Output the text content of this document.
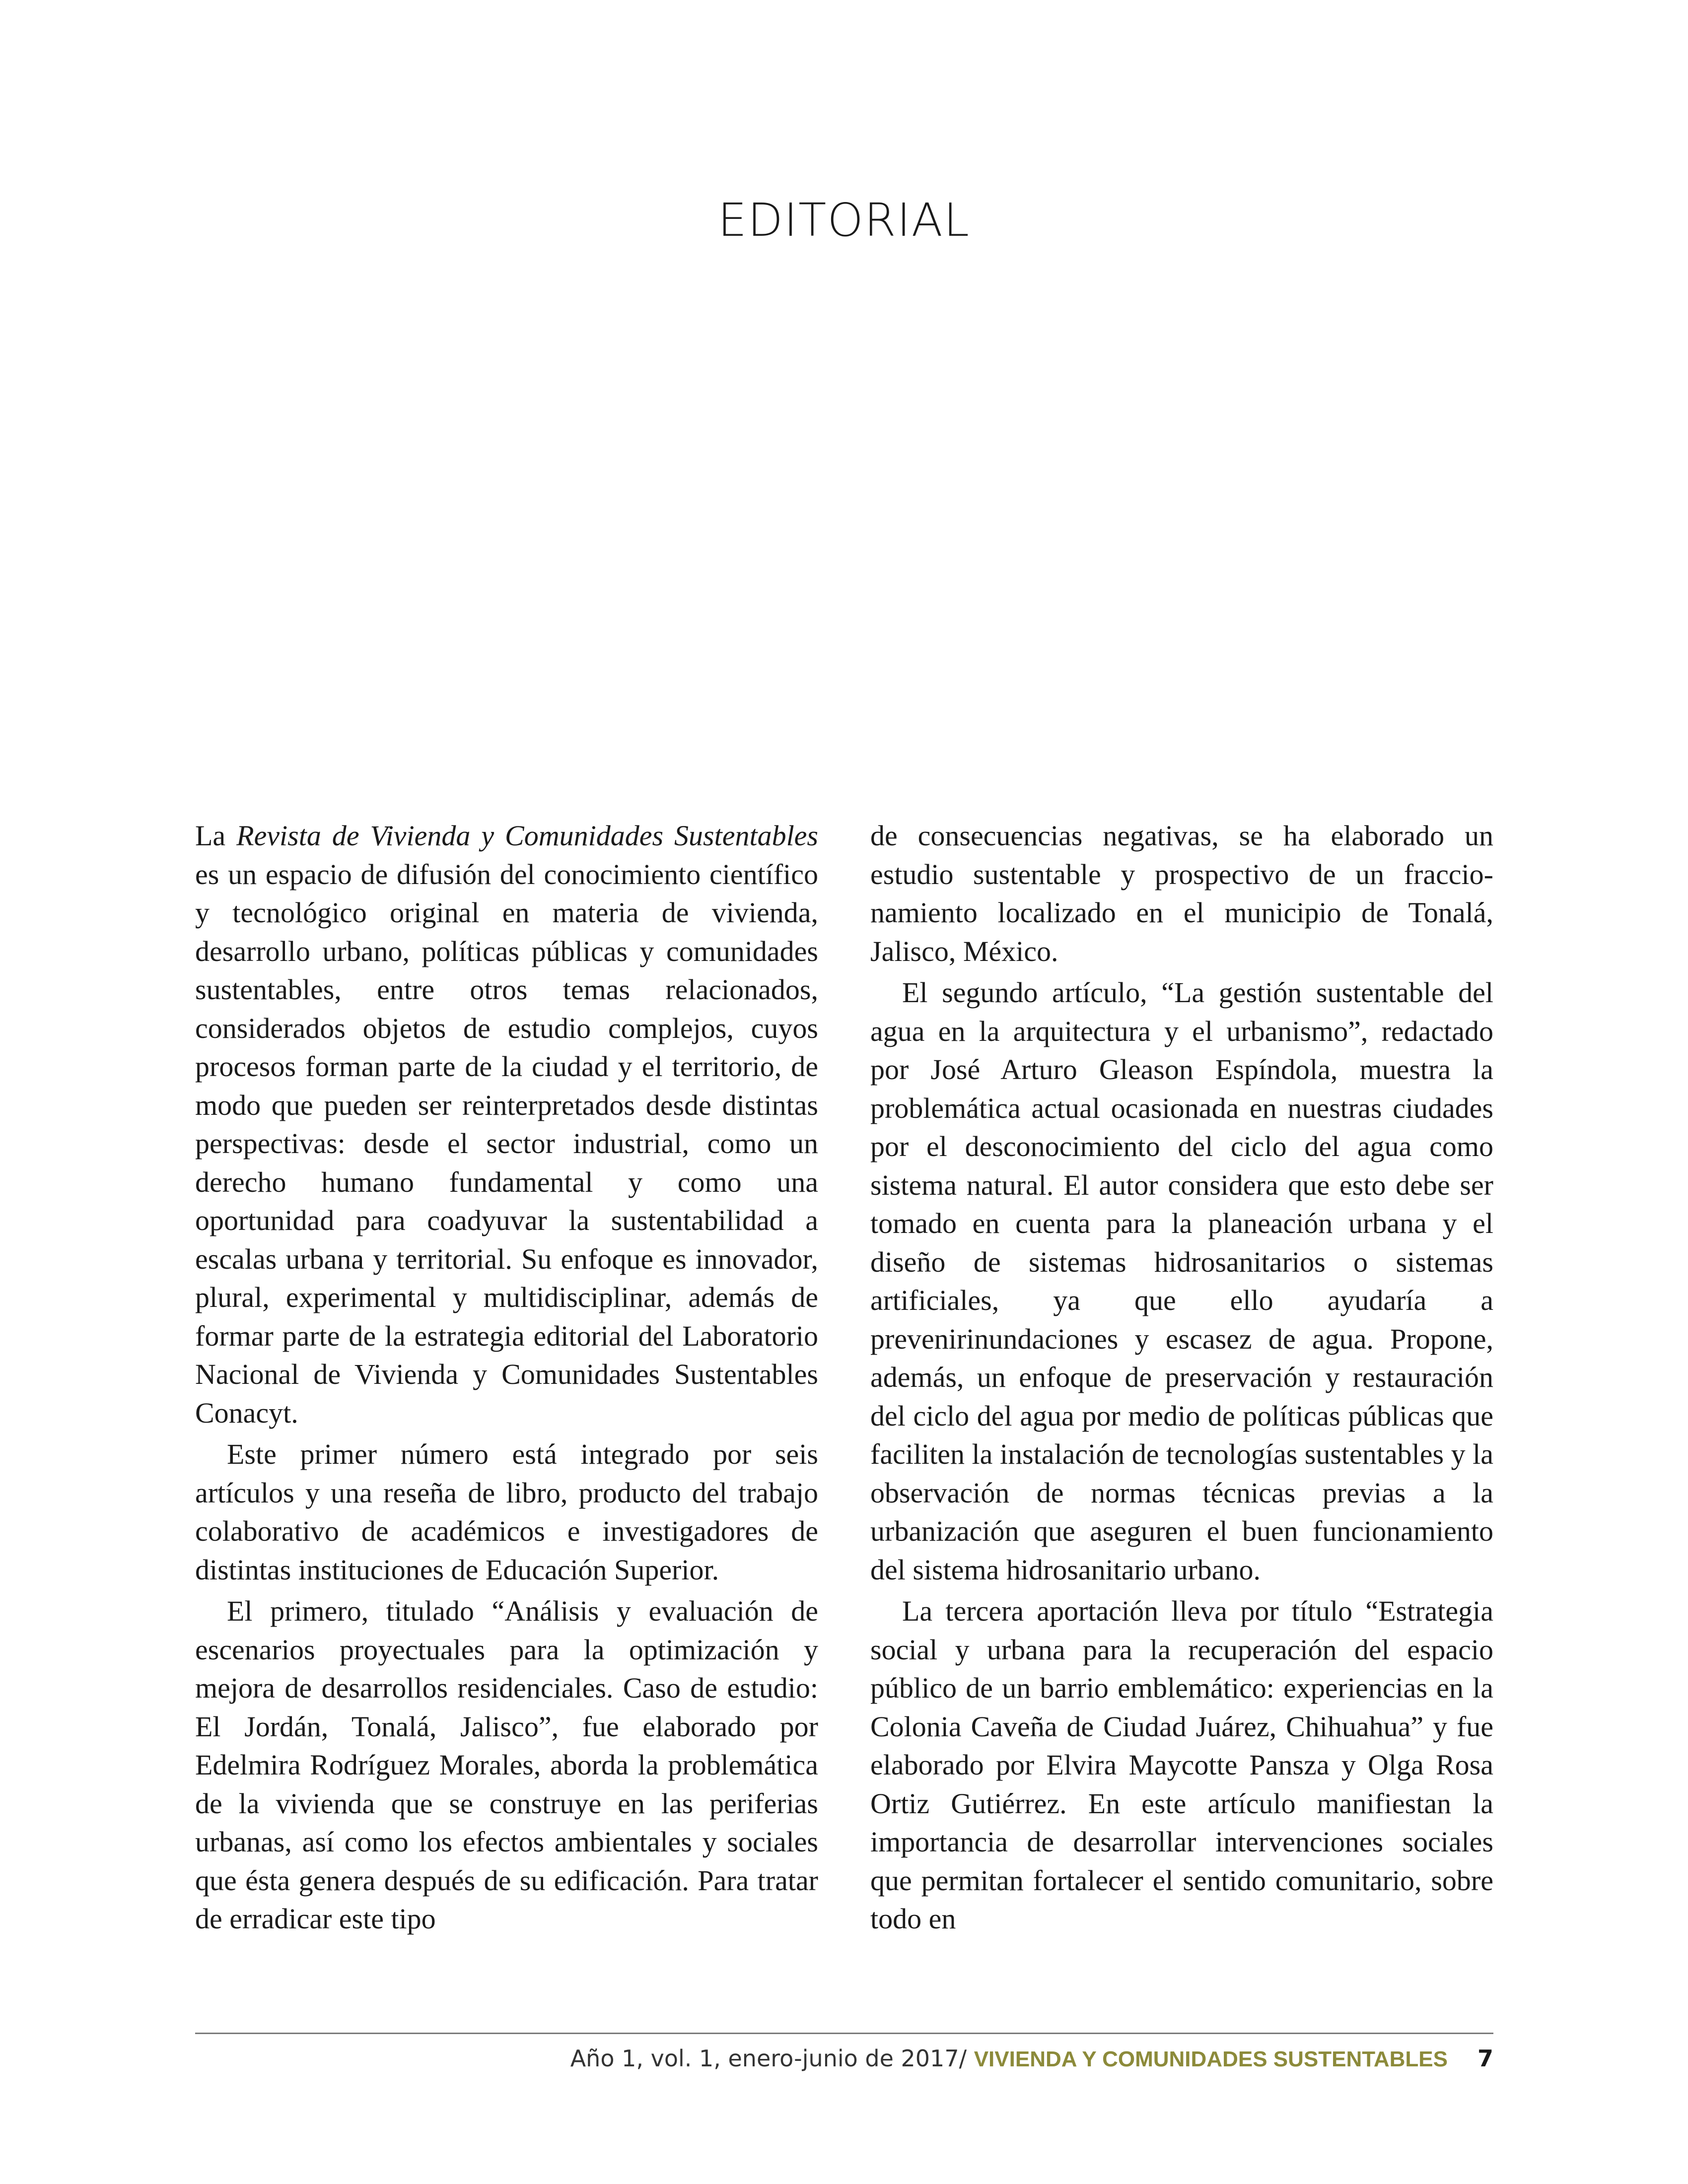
EDITORIAL

La Revista de Vivienda y Comunidades Sustentables es un espacio de difusión del conocimiento científico y tecnológico original en materia de vivienda, desarrollo urbano, políticas públicas y comunidades sustentables, entre otros temas relacionados, considerados objetos de estudio complejos, cuyos procesos forman parte de la ciudad y el territorio, de modo que pueden ser reinterpretados desde distintas perspectivas: desde el sector industrial, como un derecho humano fundamental y como una oportunidad para coadyuvar la sustentabilidad a escalas urbana y territorial. Su enfoque es innovador, plural, experimental y multidisciplinar, además de formar parte de la estrategia editorial del Laboratorio Nacional de Vivienda y Comunidades Sustentables Conacyt.

Este primer número está integrado por seis artículos y una reseña de libro, producto del trabajo colaborativo de académicos e investigadores de distintas instituciones de Educación Superior.

El primero, titulado “Análisis y evaluación de escenarios proyectuales para la optimización y mejora de desarrollos residenciales. Caso de estudio: El Jordán, Tonalá, Jalisco”, fue elaborado por Edelmira Rodríguez Morales, aborda la problemática de la vivienda que se construye en las periferias urbanas, así como los efectos ambientales y sociales que ésta genera después de su edificación. Para tratar de erradicar este tipo

de consecuencias negativas, se ha elaborado un estudio sustentable y prospectivo de un fraccionamiento localizado en el municipio de Tonalá, Jalisco, México.

El segundo artículo, “La gestión sustentable del agua en la arquitectura y el urbanismo”, redactado por José Arturo Gleason Espíndola, muestra la problemática actual ocasionada en nuestras ciudades por el desconocimiento del ciclo del agua como sistema natural. El autor considera que esto debe ser tomado en cuenta para la planeación urbana y el diseño de sistemas hidrosanitarios o sistemas artificiales, ya que ello ayudaría a prevenirinundaciones y escasez de agua. Propone, además, un enfoque de preservación y restauración del ciclo del agua por medio de políticas públicas que faciliten la instalación de tecnologías sustentables y la observación de normas técnicas previas a la urbanización que aseguren el buen funcionamiento del sistema hidrosanitario urbano.

La tercera aportación lleva por título “Estrategia social y urbana para la recuperación del espacio público de un barrio emblemático: experiencias en la Colonia Caveña de Ciudad Juárez, Chihuahua” y fue elaborado por Elvira Maycotte Pansza y Olga Rosa Ortiz Gutiérrez. En este artículo manifiestan la importancia de desarrollar intervenciones sociales que permitan fortalecer el sentido comunitario, sobre todo en

Año 1, vol. 1, enero-junio de 2017/ VIVIENDA Y COMUNIDADES SUSTENTABLES 7
